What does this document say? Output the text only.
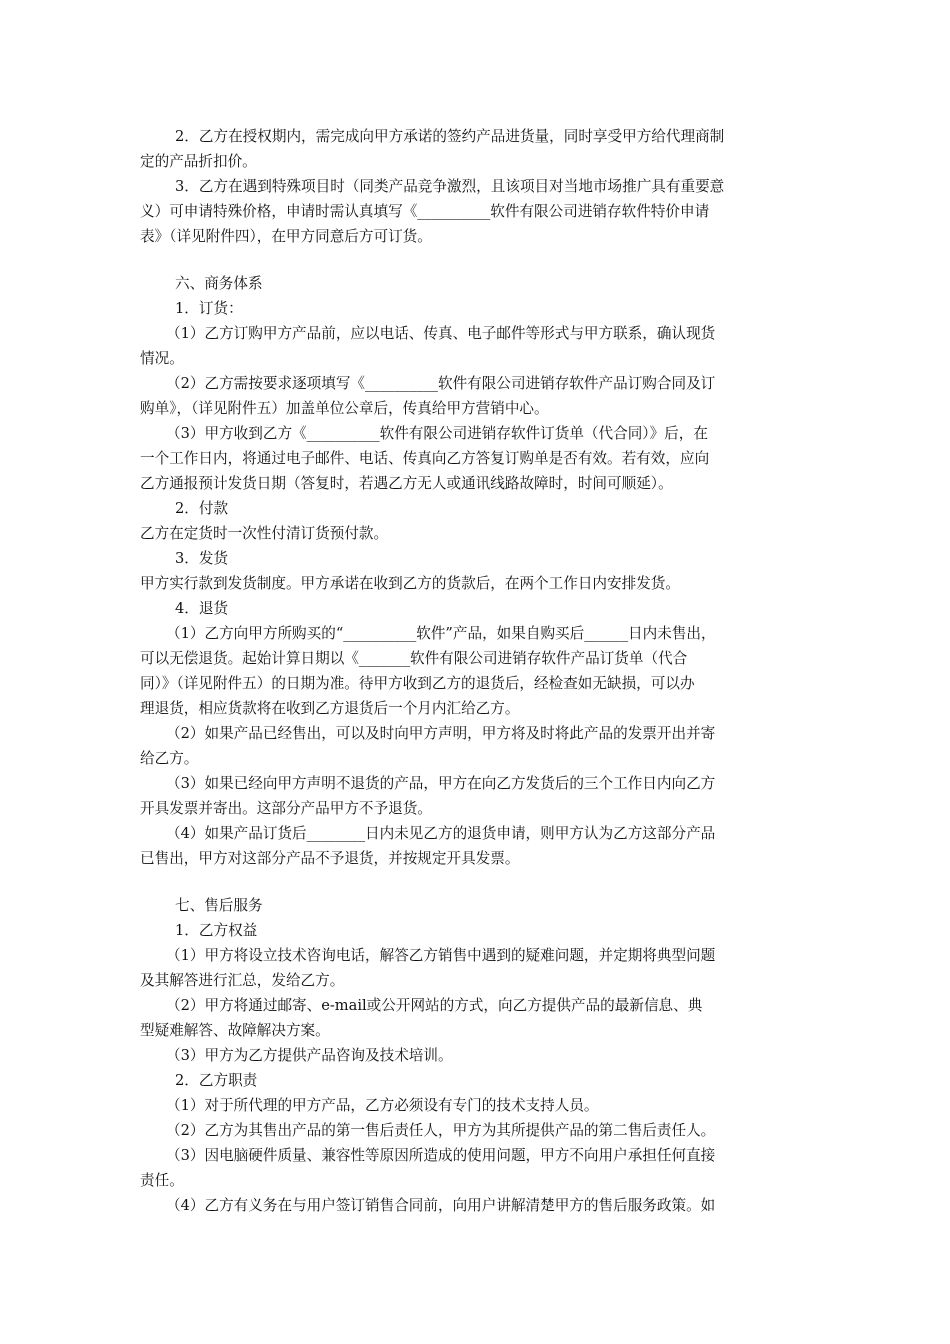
2．乙方在授权期内，需完成向甲方承诺的签约产品进货量，同时享受甲方给代理商制

定的产品折扣价。

3．乙方在遇到特殊项目时（同类产品竞争激烈，且该项目对当地市场推广具有重要意

义）可申请特殊价格，申请时需认真填写《__________软件有限公司进销存软件特价申请

表》（详见附件四），在甲方同意后方可订货。

六、商务体系

1．订货：

（1）乙方订购甲方产品前，应以电话、传真、电子邮件等形式与甲方联系，确认现货

情况。

（2）乙方需按要求逐项填写《__________软件有限公司进销存软件产品订购合同及订

购单》，（详见附件五）加盖单位公章后，传真给甲方营销中心。

（3）甲方收到乙方《__________软件有限公司进销存软件订货单（代合同）》后，在

一个工作日内，将通过电子邮件、电话、传真向乙方答复订购单是否有效。若有效，应向

乙方通报预计发货日期（答复时，若遇乙方无人或通讯线路故障时，时间可顺延）。

2．付款

乙方在定货时一次性付清订货预付款。

3．发货

甲方实行款到发货制度。甲方承诺在收到乙方的货款后，在两个工作日内安排发货。

4．退货

（1）乙方向甲方所购买的“__________软件”产品，如果自购买后______日内未售出，

可以无偿退货。起始计算日期以《_______软件有限公司进销存软件产品订货单（代合

同）》（详见附件五）的日期为准。待甲方收到乙方的退货后，经检查如无缺损，可以办

理退货，相应货款将在收到乙方退货后一个月内汇给乙方。

（2）如果产品已经售出，可以及时向甲方声明，甲方将及时将此产品的发票开出并寄

给乙方。

（3）如果已经向甲方声明不退货的产品，甲方在向乙方发货后的三个工作日内向乙方

开具发票并寄出。这部分产品甲方不予退货。

（4）如果产品订货后________日内未见乙方的退货申请，则甲方认为乙方这部分产品

已售出，甲方对这部分产品不予退货，并按规定开具发票。

七、售后服务

1．乙方权益

（1）甲方将设立技术咨询电话，解答乙方销售中遇到的疑难问题，并定期将典型问题

及其解答进行汇总，发给乙方。

（2）甲方将通过邮寄、e-mail或公开网站的方式，向乙方提供产品的最新信息、典

型疑难解答、故障解决方案。

（3）甲方为乙方提供产品咨询及技术培训。

2．乙方职责

（1）对于所代理的甲方产品，乙方必须设有专门的技术支持人员。

（2）乙方为其售出产品的第一售后责任人，甲方为其所提供产品的第二售后责任人。

（3）因电脑硬件质量、兼容性等原因所造成的使用问题，甲方不向用户承担任何直接

责任。

（4）乙方有义务在与用户签订销售合同前，向用户讲解清楚甲方的售后服务政策。如
